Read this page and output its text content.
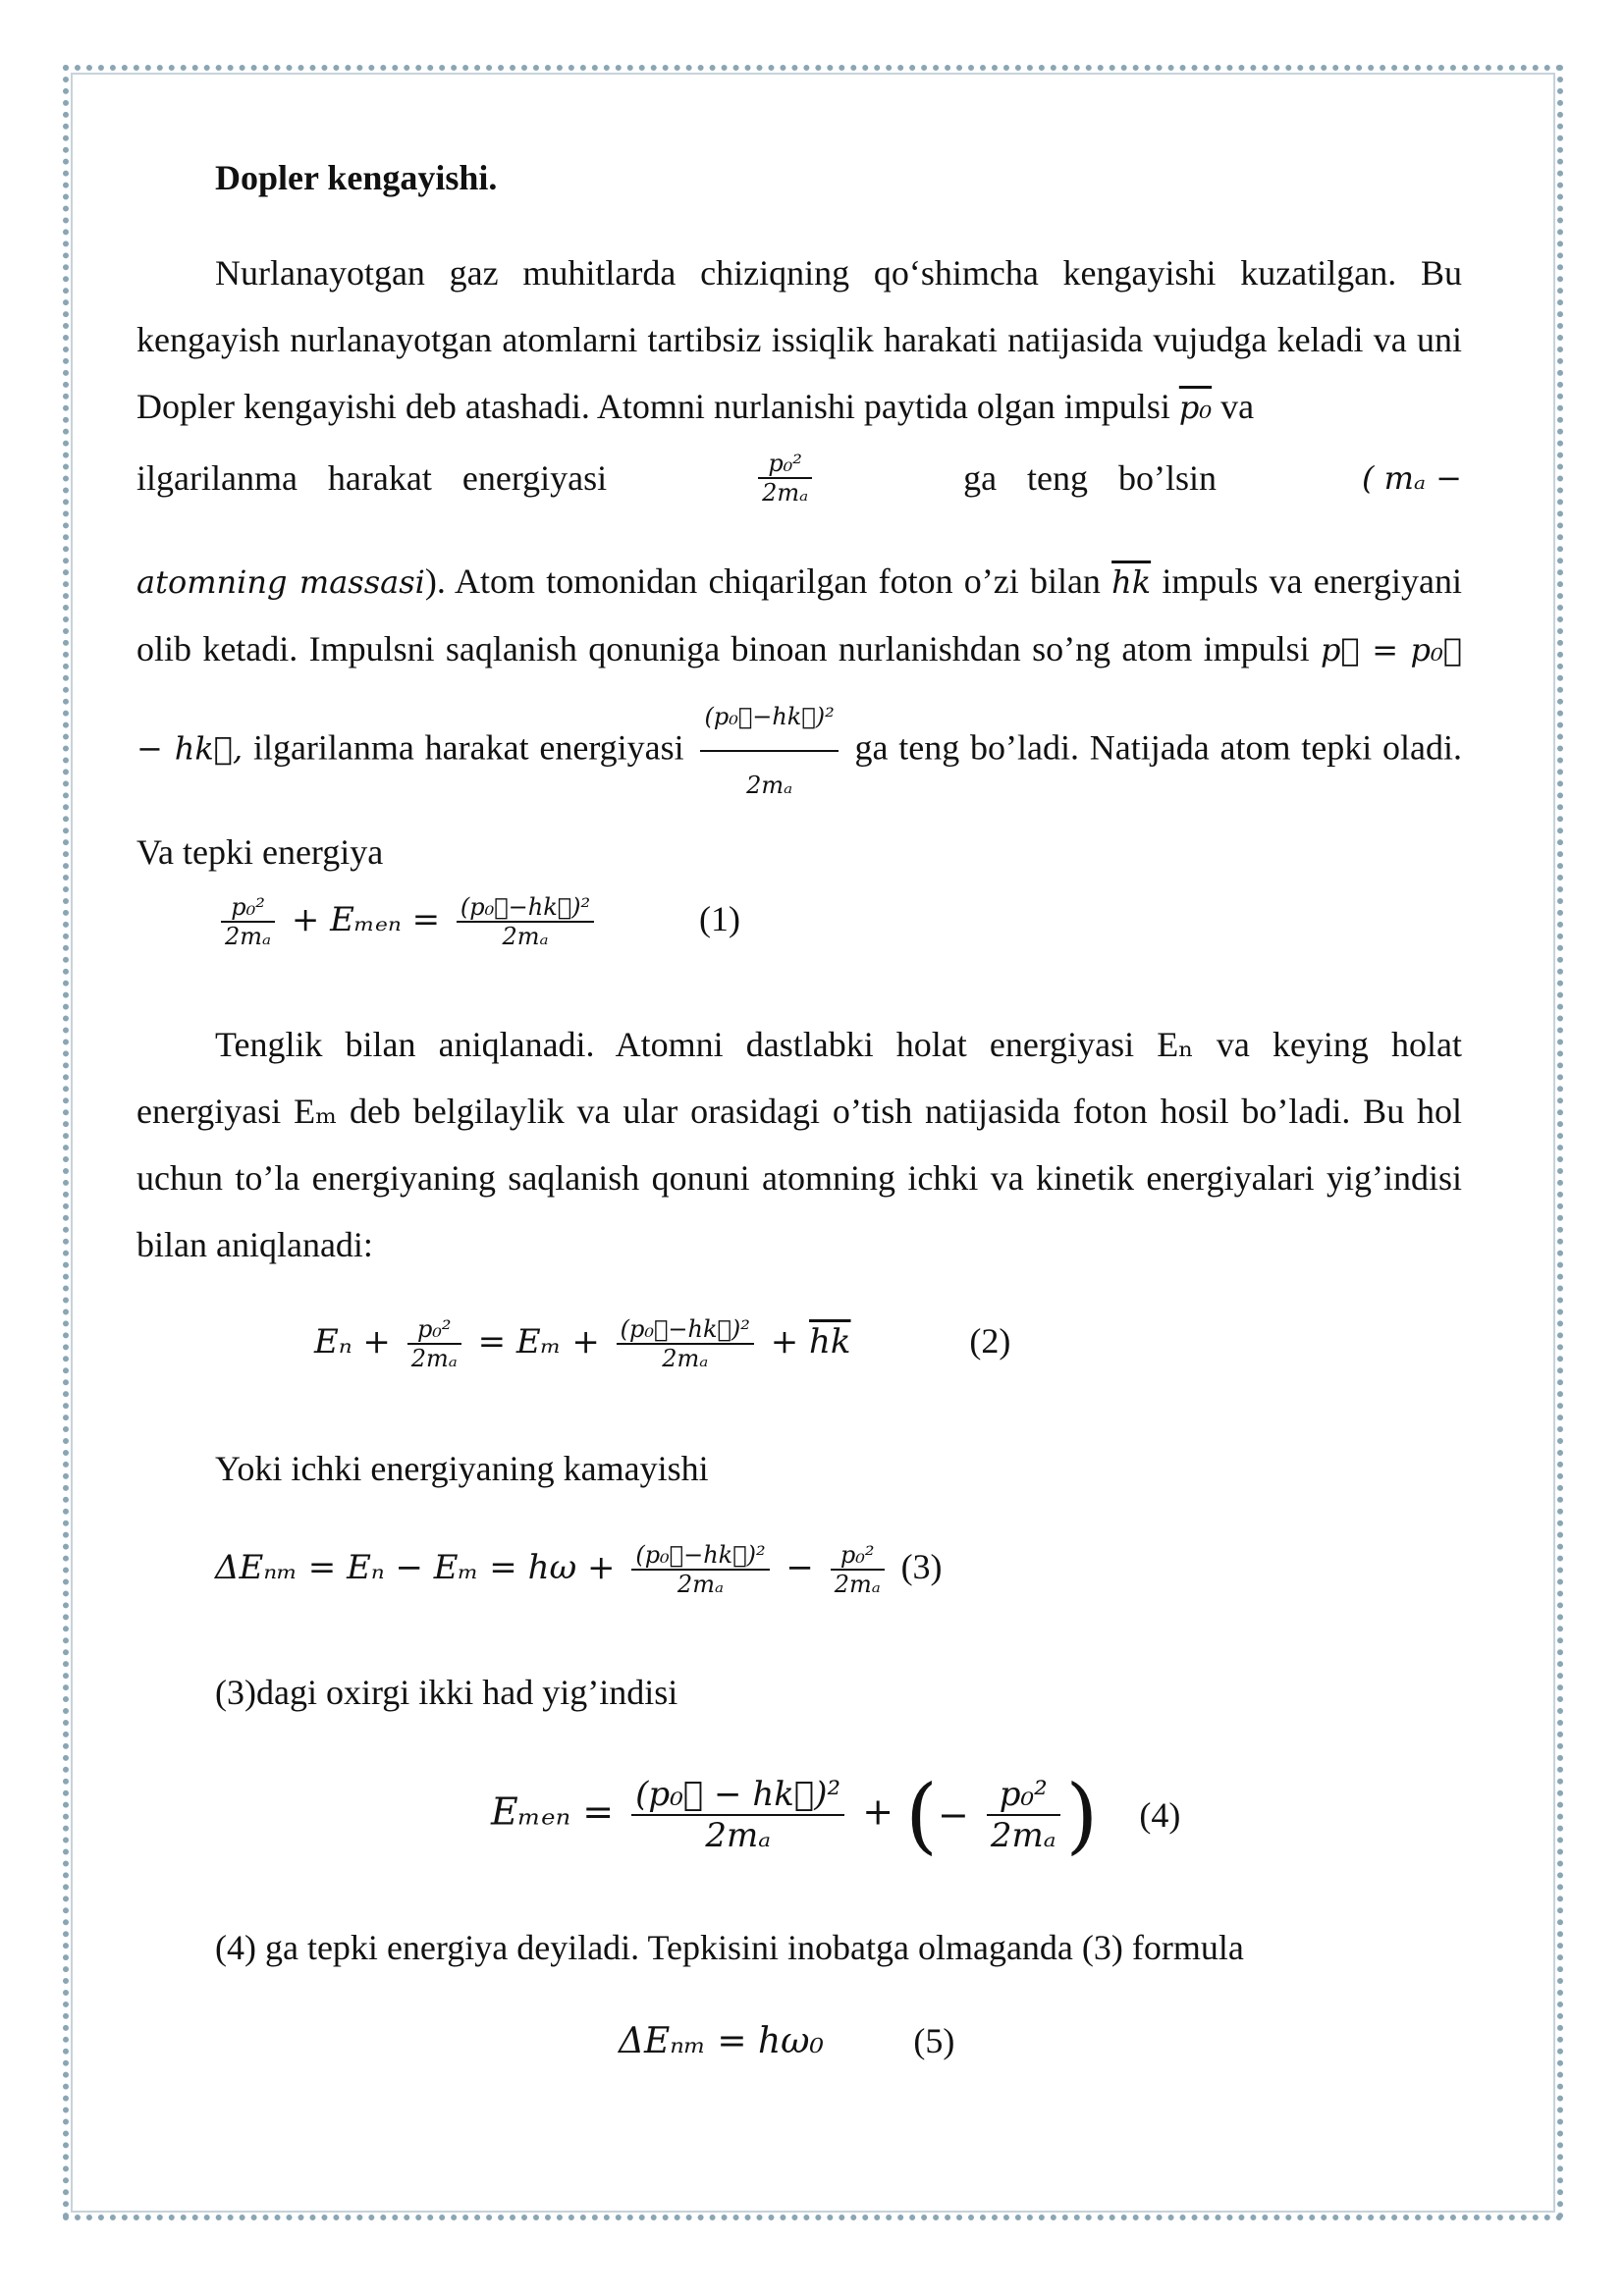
Dopler kengayishi.

Nurlanayotgan gaz muhitlarda chiziqning qo‘shimcha kengayishi kuzatilgan. Bu kengayish nurlanayotgan atomlarni tartibsiz issiqlik harakati natijasida vujudga keladi va uni Dopler kengayishi deb atashadi. Atomni nurlanishi paytida olgan impulsi p₀ va

ilgarilanma harakat energiyasi	$\frac{\text{p₀²}}{\text{2mₐ}}$	ga teng bo’lsin	( mₐ −

atomning massasi). Atom tomonidan chiqarilgan foton o’zi bilan $\overline{hk}$ impuls va energiyani olib ketadi. Impulsni saqlanish qonuniga binoan nurlanishdan so’ng atom impulsi p⃗ = p₀⃗ − hk⃗, ilgarilanma harakat energiyasi $\frac{\text{(p₀⃗−hk⃗)²}}{\text{2mₐ}}$ ga teng bo’ladi. Natijada atom tepki oladi. Va tepki energiya

$\frac{\text{p₀²}}{\text{2mₐ}} + E_{men} = \frac{\text{(p₀⃗−hk⃗)²}}{\text{2mₐ}}$	(1)

Tenglik bilan aniqlanadi. Atomni dastlabki holat energiyasi Eₙ va keying holat energiyasi Eₘ deb belgilaylik va ular orasidagi o’tish natijasida foton hosil bo’ladi. Bu hol uchun to’la energiyaning saqlanish qonuni atomning ichki va kinetik energiyalari yig’indisi bilan aniqlanadi:

$E_n + \frac{\text{p₀²}}{\text{2mₐ}} = E_m + \frac{\text{(p₀⃗−hk⃗)²}}{\text{2mₐ}} + \overline{hk}$	(2)

Yoki ichki energiyaning kamayishi

$\Delta E_{nm} = E_n - E_m = h\omega + \frac{\text{(p₀⃗−hk⃗)²}}{\text{2mₐ}} - \frac{\text{p₀²}}{\text{2mₐ}} (3)$

(3)dagi oxirgi ikki had yig’indisi

$E_{men} = \frac{\text{(p₀⃗ − hk⃗)²}}{\text{2mₐ}}$ + (− $\frac{\text{p₀²}}{\text{2mₐ}}$ ) (4)

(4) ga tepki energiya deyiladi. Tepkisini inobatga olmaganda (3) formula

ΔEₙₘ = hω₀	(5)
